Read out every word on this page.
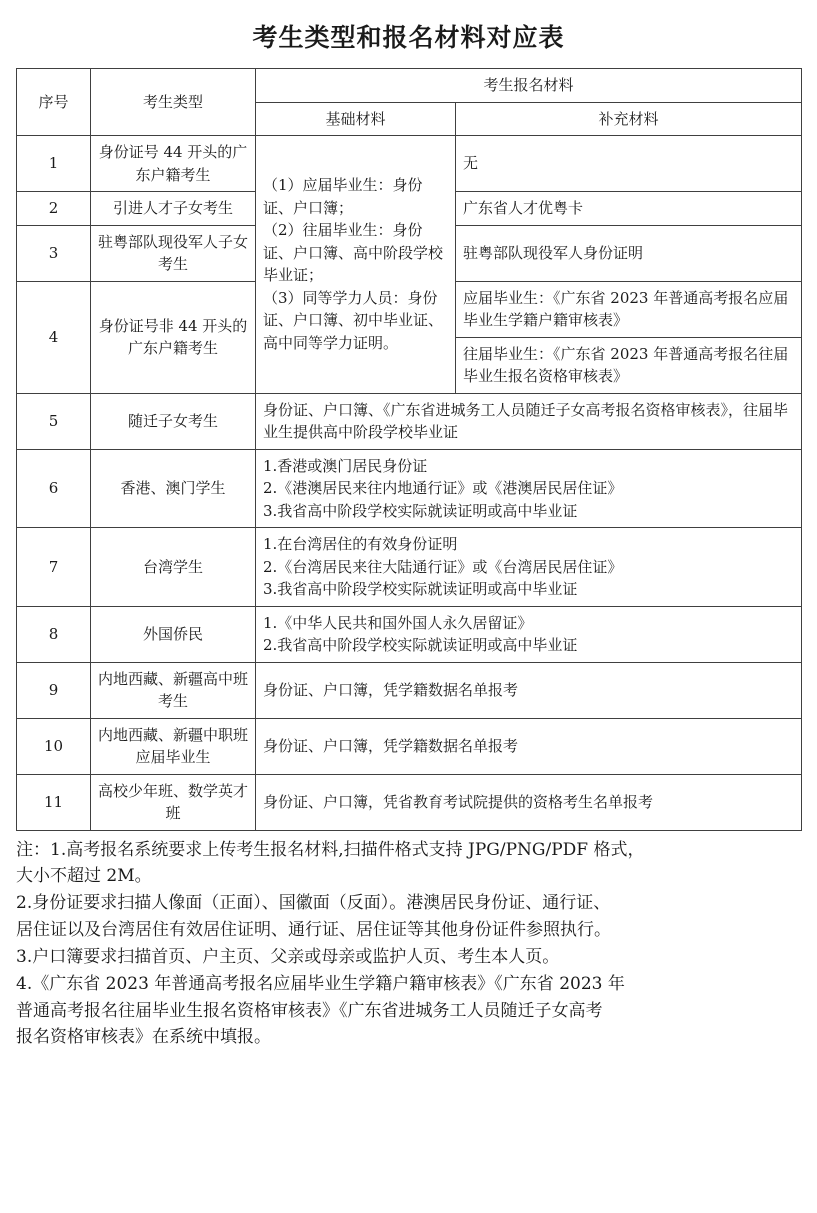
考生类型和报名材料对应表
序号	考生类型	考生报名材料	
		基础材料	补充材料
1	身份证号 44 开头的广东户籍考生	（1）应届毕业生：身份证、户口簿；
（2）往届毕业生：身份证、户口簿、高中阶段学校毕业证；
（3）同等学力人员：身份证、户口簿、初中毕业证、高中同等学力证明。	无
2	引进人才子女考生		广东省人才优粤卡
3	驻粤部队现役军人子女考生		驻粤部队现役军人身份证明
4	身份证号非 44 开头的广东户籍考生		应届毕业生：《广东省 2023 年普通高考报名应届毕业生学籍户籍审核表》
			往届毕业生：《广东省 2023 年普通高考报名往届毕业生报名资格审核表》
5	随迁子女考生	身份证、户口簿、《广东省进城务工人员随迁子女高考报名资格审核表》，往届毕业生提供高中阶段学校毕业证	
6	香港、澳门学生	1.香港或澳门居民身份证
2.《港澳居民来往内地通行证》或《港澳居民居住证》
3.我省高中阶段学校实际就读证明或高中毕业证	

7	台湾学生	1.在台湾居住的有效身份证明
2.《台湾居民来往大陆通行证》或《台湾居民居住证》
3.我省高中阶段学校实际就读证明或高中毕业证	

8	外国侨民	1.《中华人民共和国外国人永久居留证》
2.我省高中阶段学校实际就读证明或高中毕业证	

9	内地西藏、新疆高中班考生	身份证、户口簿，凭学籍数据名单报考	
10	内地西藏、新疆中职班应届毕业生	身份证、户口簿，凭学籍数据名单报考	
11	高校少年班、数学英才班	身份证、户口簿，凭省教育考试院提供的资格考生名单报考	

注：1.高考报名系统要求上传考生报名材料,扫描件格式支持 JPG/PNG/PDF 格式，
大小不超过 2M。

2.身份证要求扫描人像面（正面）、国徽面（反面）。港澳居民身份证、通行证、
居住证以及台湾居住有效居住证明、通行证、居住证等其他身份证件参照执行。

3.户口簿要求扫描首页、户主页、父亲或母亲或监护人页、考生本人页。

4.《广东省 2023 年普通高考报名应届毕业生学籍户籍审核表》《广东省 2023 年
普通高考报名往届毕业生报名资格审核表》《广东省进城务工人员随迁子女高考
报名资格审核表》在系统中填报。
